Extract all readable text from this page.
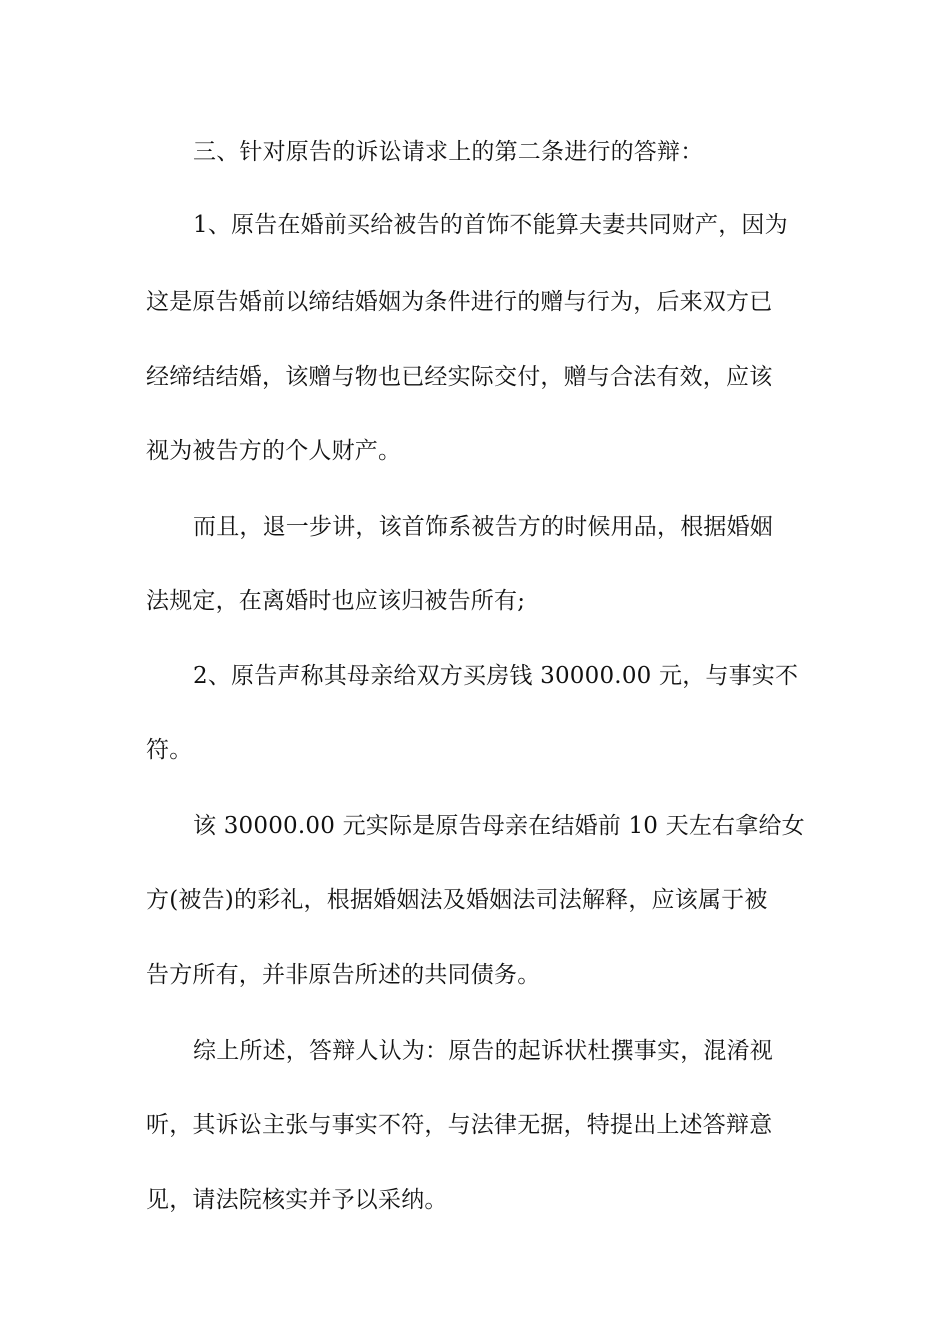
三、针对原告的诉讼请求上的第二条进行的答辩：
1、原告在婚前买给被告的首饰不能算夫妻共同财产，因为
这是原告婚前以缔结婚姻为条件进行的赠与行为，后来双方已
经缔结结婚，该赠与物也已经实际交付，赠与合法有效，应该
视为被告方的个人财产。
而且，退一步讲，该首饰系被告方的时候用品，根据婚姻
法规定，在离婚时也应该归被告所有;
2、原告声称其母亲给双方买房钱 30000.00 元，与事实不
符。
该 30000.00 元实际是原告母亲在结婚前 10 天左右拿给女
方(被告)的彩礼，根据婚姻法及婚姻法司法解释，应该属于被
告方所有，并非原告所述的共同债务。
综上所述，答辩人认为：原告的起诉状杜撰事实，混淆视
听，其诉讼主张与事实不符，与法律无据，特提出上述答辩意
见，请法院核实并予以采纳。
